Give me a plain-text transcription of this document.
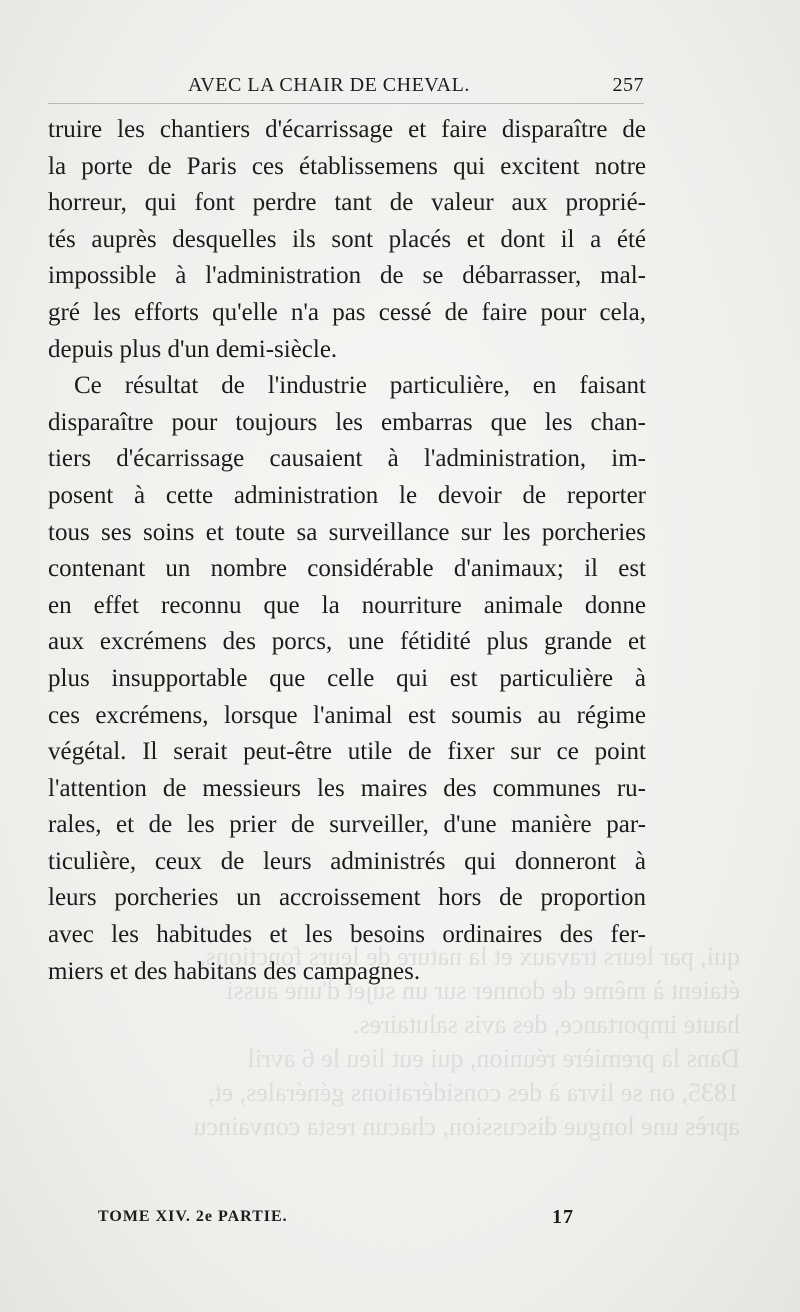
qui, par leurs travaux et la nature de leurs fonctions,
étaient à même de donner sur un sujet d'une aussi
haute importance, des avis salutaires.
Dans la première réunion, qui eut lieu le 6 avril
1835, on se livra à des considérations générales, et,
après une longue discussion, chacun resta convaincu
AVEC LA CHAIR DE CHEVAL.	257
truire les chantiers d'écarrissage et faire disparaître de
la porte de Paris ces établissemens qui excitent notre
horreur, qui font perdre tant de valeur aux proprié-
tés auprès desquelles ils sont placés et dont il a été
impossible à l'administration de se débarrasser, mal-
gré les efforts qu'elle n'a pas cessé de faire pour cela,
depuis plus d'un demi-siècle.
Ce résultat de l'industrie particulière, en faisant
disparaître pour toujours les embarras que les chan-
tiers d'écarrissage causaient à l'administration, im-
posent à cette administration le devoir de reporter
tous ses soins et toute sa surveillance sur les porcheries
contenant un nombre considérable d'animaux; il est
en effet reconnu que la nourriture animale donne
aux excrémens des porcs, une fétidité plus grande et
plus insupportable que celle qui est particulière à
ces excrémens, lorsque l'animal est soumis au régime
végétal. Il serait peut-être utile de fixer sur ce point
l'attention de messieurs les maires des communes ru-
rales, et de les prier de surveiller, d'une manière par-
ticulière, ceux de leurs administrés qui donneront à
leurs porcheries un accroissement hors de proportion
avec les habitudes et les besoins ordinaires des fer-
miers et des habitans des campagnes.
TOME XIV. 2e PARTIE.	17
